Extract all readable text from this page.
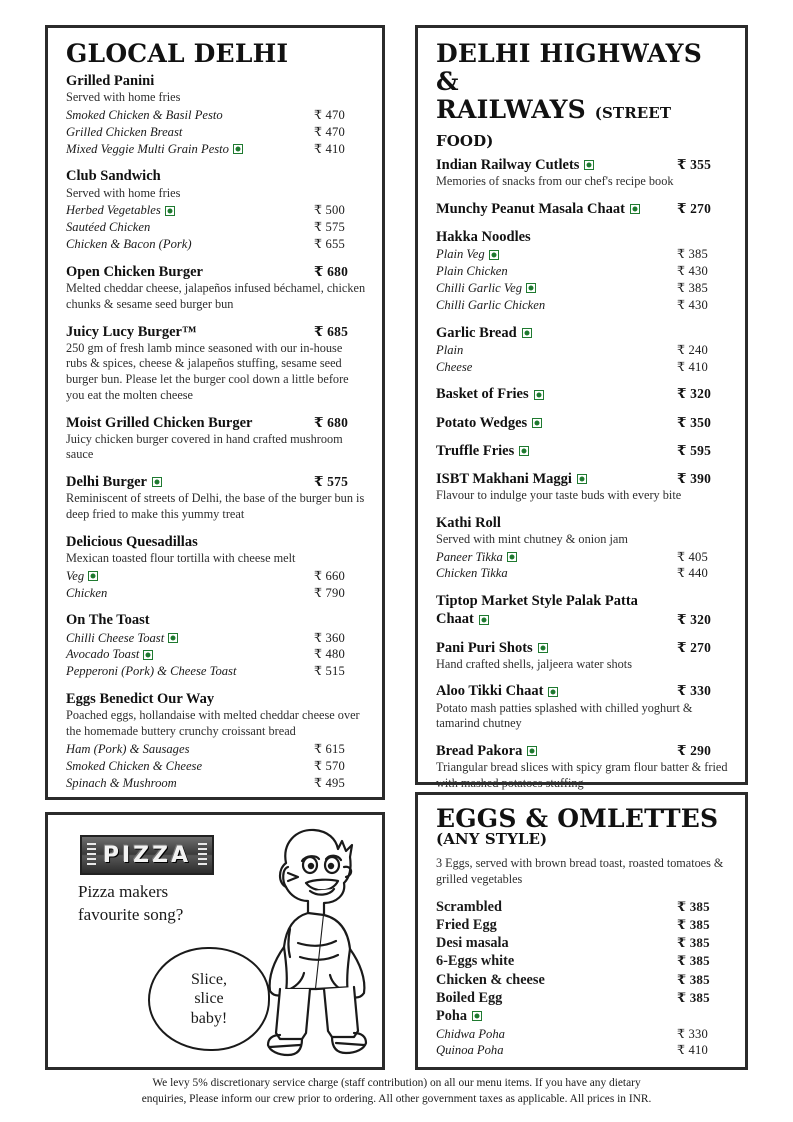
GLOCAL DELHI
Grilled Panini
Served with home fries
Smoked Chicken & Basil Pesto	₹ 470
Grilled Chicken Breast	₹ 470
Mixed Veggie Multi Grain Pesto	₹ 410
Club Sandwich
Served with home fries
Herbed Vegetables	₹ 500
Sautéed Chicken	₹ 575
Chicken & Bacon (Pork)	₹ 655
Open Chicken Burger	₹ 680
Melted cheddar cheese, jalapeños infused béchamel, chicken chunks & sesame seed burger bun
Juicy Lucy Burger™	₹ 685
250 gm of fresh lamb mince seasoned with our in-house rubs & spices, cheese & jalapeños stuffing, sesame seed burger bun. Please let the burger cool down a little before you eat the molten cheese
Moist Grilled Chicken Burger	₹ 680
Juicy chicken burger covered in hand crafted mushroom sauce
Delhi Burger	₹ 575
Reminiscent of streets of Delhi, the base of the burger bun is deep fried to make this yummy treat
Delicious Quesadillas
Mexican toasted flour tortilla with cheese melt
Veg	₹ 660
Chicken	₹ 790
On The Toast
Chilli Cheese Toast	₹ 360
Avocado Toast	₹ 480
Pepperoni (Pork) & Cheese Toast	₹ 515
Eggs Benedict Our Way
Poached eggs, hollandaise with melted cheddar cheese over the homemade buttery crunchy croissant bread
Ham (Pork) & Sausages	₹ 615
Smoked Chicken & Cheese	₹ 570
Spinach & Mushroom	₹ 495
PIZZA
Pizza makers
favourite song?
Slice,
slice
baby!
DELHI HIGHWAYS &
RAILWAYS (STREET FOOD)
Indian Railway Cutlets	₹ 355
Memories of snacks from our chef's recipe book
Munchy Peanut Masala Chaat	₹ 270
Hakka Noodles
Plain Veg	₹ 385
Plain Chicken	₹ 430
Chilli Garlic Veg	₹ 385
Chilli Garlic Chicken	₹ 430
Garlic Bread
Plain	₹ 240
Cheese	₹ 410
Basket of Fries	₹ 320
Potato Wedges	₹ 350
Truffle Fries	₹ 595
ISBT Makhani Maggi	₹ 390
Flavour to indulge your taste buds with every bite
Kathi Roll
Served with mint chutney & onion jam
Paneer Tikka	₹ 405
Chicken Tikka	₹ 440
Tiptop Market Style Palak Patta
Chaat	₹ 320
Pani Puri Shots	₹ 270
Hand crafted shells, jaljeera water shots
Aloo Tikki Chaat	₹ 330
Potato mash patties splashed with chilled yoghurt & tamarind chutney
Bread Pakora	₹ 290
Triangular bread slices with spicy gram flour batter & fried with mashed potatoes stuffing
EGGS & OMLETTES
(ANY STYLE)
3 Eggs, served with brown bread toast, roasted tomatoes & grilled vegetables
Scrambled	₹ 385
Fried Egg	₹ 385
Desi masala	₹ 385
6-Eggs white	₹ 385
Chicken & cheese	₹ 385
Boiled Egg	₹ 385
Poha
Chidwa Poha	₹ 330
Quinoa Poha	₹ 410
We levy 5% discretionary service charge (staff contribution) on all our menu items. If you have any dietary
enquiries, Please inform our crew prior to ordering. All other government taxes as applicable. All prices in INR.
